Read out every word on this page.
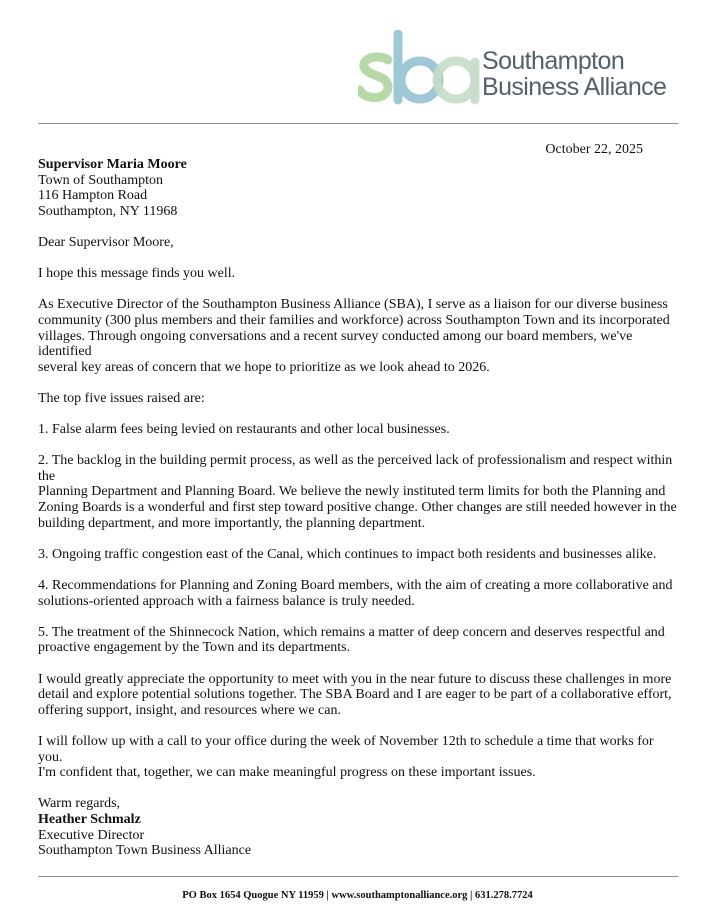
Southampton
Business Alliance
October 22, 2025

Supervisor Maria Moore
Town of Southampton
116 Hampton Road
Southampton, NY 11968

Dear Supervisor Moore,

I hope this message finds you well.

As Executive Director of the Southampton Business Alliance (SBA), I serve as a liaison for our diverse business
community (300 plus members and their families and workforce) across Southampton Town and its incorporated
villages. Through ongoing conversations and a recent survey conducted among our board members, we've identified
several key areas of concern that we hope to prioritize as we look ahead to 2026.

The top five issues raised are:

1. False alarm fees being levied on restaurants and other local businesses.

2. The backlog in the building permit process, as well as the perceived lack of professionalism and respect within the
Planning Department and Planning Board. We believe the newly instituted term limits for both the Planning and
Zoning Boards is a wonderful and first step toward positive change. Other changes are still needed however in the
building department, and more importantly, the planning department.

3. Ongoing traffic congestion east of the Canal, which continues to impact both residents and businesses alike.

4. Recommendations for Planning and Zoning Board members, with the aim of creating a more collaborative and
solutions-oriented approach with a fairness balance is truly needed.

5. The treatment of the Shinnecock Nation, which remains a matter of deep concern and deserves respectful and
proactive engagement by the Town and its departments.

I would greatly appreciate the opportunity to meet with you in the near future to discuss these challenges in more
detail and explore potential solutions together. The SBA Board and I are eager to be part of a collaborative effort,
offering support, insight, and resources where we can.

I will follow up with a call to your office during the week of November 12th to schedule a time that works for you.
I'm confident that, together, we can make meaningful progress on these important issues.

Warm regards,
Heather Schmalz
Executive Director
Southampton Town Business Alliance

PO Box 1654 Quogue NY 11959 | www.southamptonalliance.org | 631.278.7724
